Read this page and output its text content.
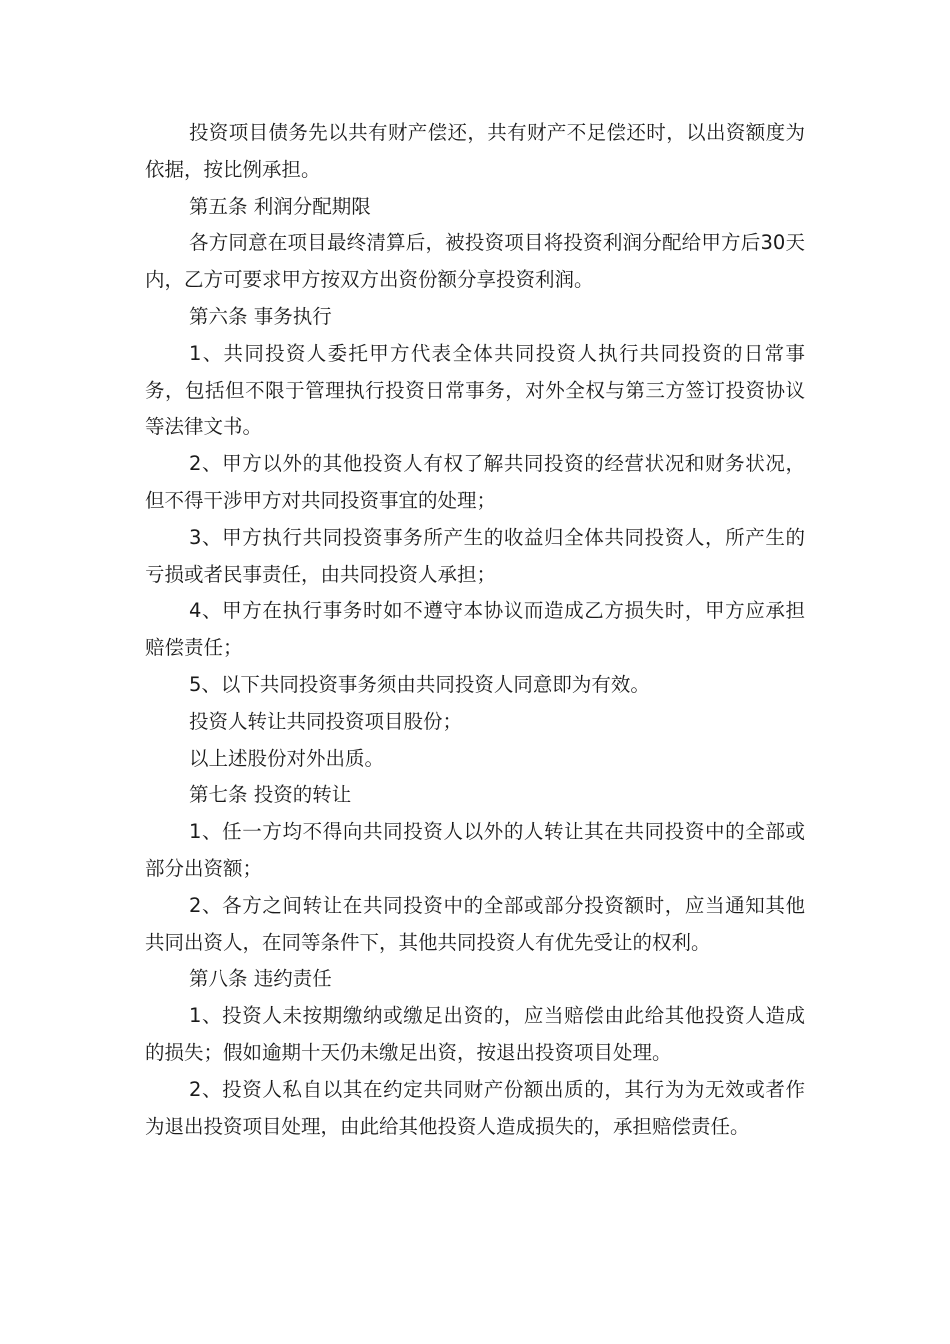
投资项目债务先以共有财产偿还，共有财产不足偿还时，以出资额度为依据，按比例承担。

第五条 利润分配期限

各方同意在项目最终清算后，被投资项目将投资利润分配给甲方后30天内，乙方可要求甲方按双方出资份额分享投资利润。

第六条 事务执行

1、共同投资人委托甲方代表全体共同投资人执行共同投资的日常事务，包括但不限于管理执行投资日常事务，对外全权与第三方签订投资协议等法律文书。

2、甲方以外的其他投资人有权了解共同投资的经营状况和财务状况，但不得干涉甲方对共同投资事宜的处理；

3、甲方执行共同投资事务所产生的收益归全体共同投资人，所产生的亏损或者民事责任，由共同投资人承担；

4、甲方在执行事务时如不遵守本协议而造成乙方损失时，甲方应承担赔偿责任；

5、以下共同投资事务须由共同投资人同意即为有效。

投资人转让共同投资项目股份；

以上述股份对外出质。

第七条 投资的转让

1、任一方均不得向共同投资人以外的人转让其在共同投资中的全部或部分出资额；

2、各方之间转让在共同投资中的全部或部分投资额时，应当通知其他共同出资人，在同等条件下，其他共同投资人有优先受让的权利。

第八条 违约责任

1、投资人未按期缴纳或缴足出资的，应当赔偿由此给其他投资人造成的损失；假如逾期十天仍未缴足出资，按退出投资项目处理。

2、投资人私自以其在约定共同财产份额出质的，其行为为无效或者作为退出投资项目处理，由此给其他投资人造成损失的，承担赔偿责任。
